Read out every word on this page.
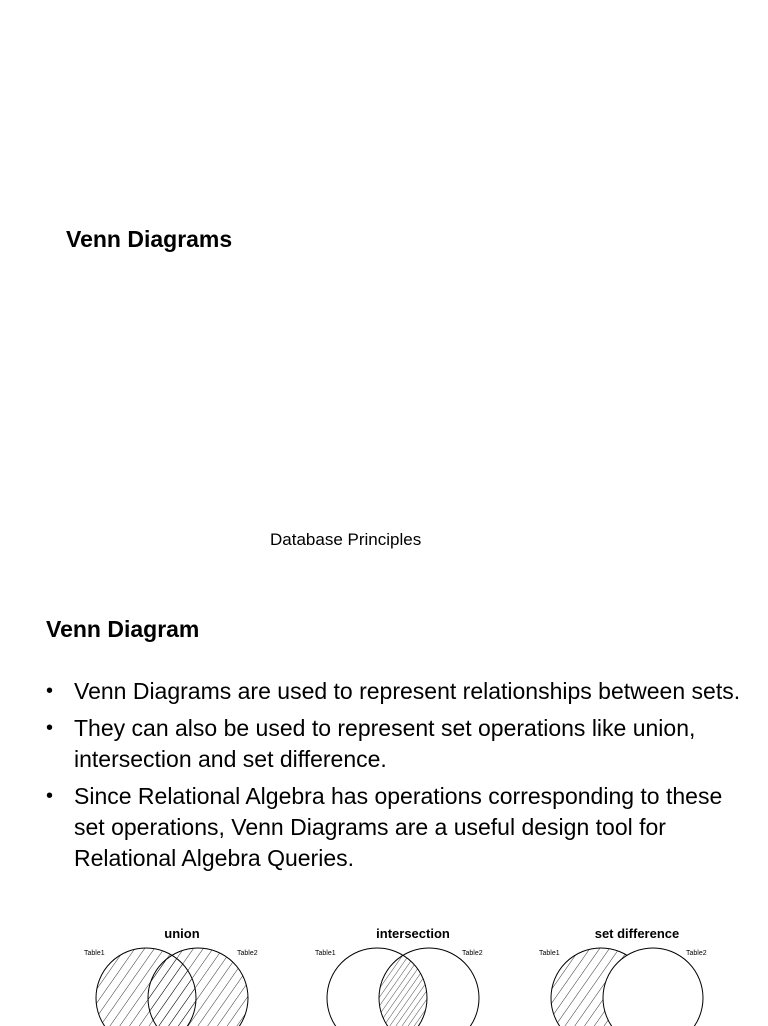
Venn Diagrams
Database Principles
Venn Diagram
• Venn Diagrams are used to represent relationships between sets.
• They can also be used to represent set operations like union, intersection and set difference.
• Since Relational Algebra has operations corresponding to these set operations, Venn Diagrams are a useful design tool for Relational Algebra Queries.
union
Table1	Table2
intersection
Table1	Table2
set difference
Table1	Table2
